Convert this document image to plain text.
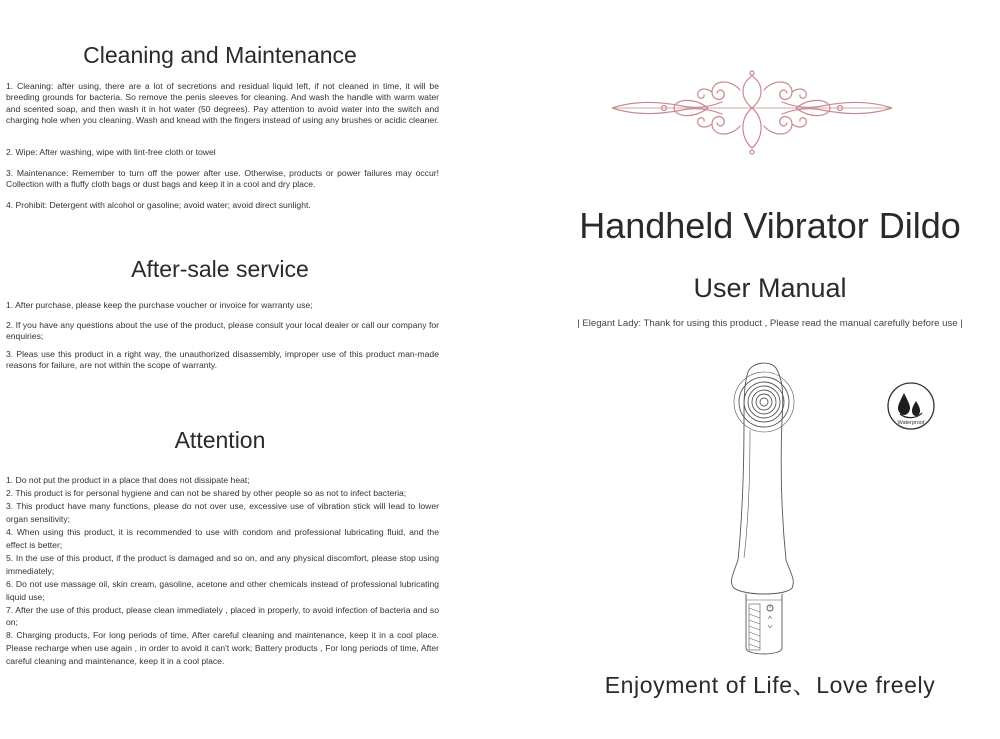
Cleaning and Maintenance

1. Cleaning: after using, there are a lot of secretions and residual liquid left, if not cleaned in time, it will be breeding grounds for bacteria. So remove the penis sleeves for cleaning. And wash the handle with warm water and scented soap, and then wash it in hot water (50 degrees). Pay attention to avoid water into the switch and charging hole when you cleaning. Wash and knead with the fingers instead of using any brushes or acidic cleaner.

2. Wipe: After washing, wipe with lint-free cloth or towel

3. Maintenance: Remember to turn off the power after use. Otherwise, products or power failures may occur! Collection with a fluffy cloth bags or dust bags and keep it in a cool and dry place.

4. Prohibit: Detergent with alcohol or gasoline; avoid water; avoid direct sunlight.

After-sale service

1. After purchase, please keep the purchase voucher or invoice for warranty use;

2. If you have any questions about the use of the product, please consult your local dealer or call our company for enquiries;

3. Pleas use this product in a right way, the unauthorized disassembly, improper use of this product man-made reasons for failure, are not within the scope of warranty.

Attention

1. Do not put the product in a place that does not dissipate heat;
2. This product is for personal hygiene and can not be shared by other people so as not to infect bacteria;
3. This product have many functions, please do not over use, excessive use of vibration stick will lead to lower organ sensitivity;
4. When using this product, it is recommended to use with condom and professional lubricating fluid, and the effect is better;
5. In the use of this product, if the product is damaged and so on, and any physical discomfort, please stop using immediately;
6. Do not use massage oil, skin cream, gasoline, acetone and other chemicals instead of professional lubricating liquid use;
7. After the use of this product, please clean immediately , placed in properly, to avoid infection of bacteria and so on;
8. Charging products, For long periods of time, After careful cleaning and maintenance, keep it in a cool place. Please recharge when use again , in order to avoid it can't work; Battery products , For long periods of time, After careful cleaning and maintenance, keep it in a cool place.

Handheld Vibrator Dildo
User Manual
| Elegant Lady: Thank for using this product , Please read the manual carefully before use |
Waterproof
Enjoyment of Life、Love freely
